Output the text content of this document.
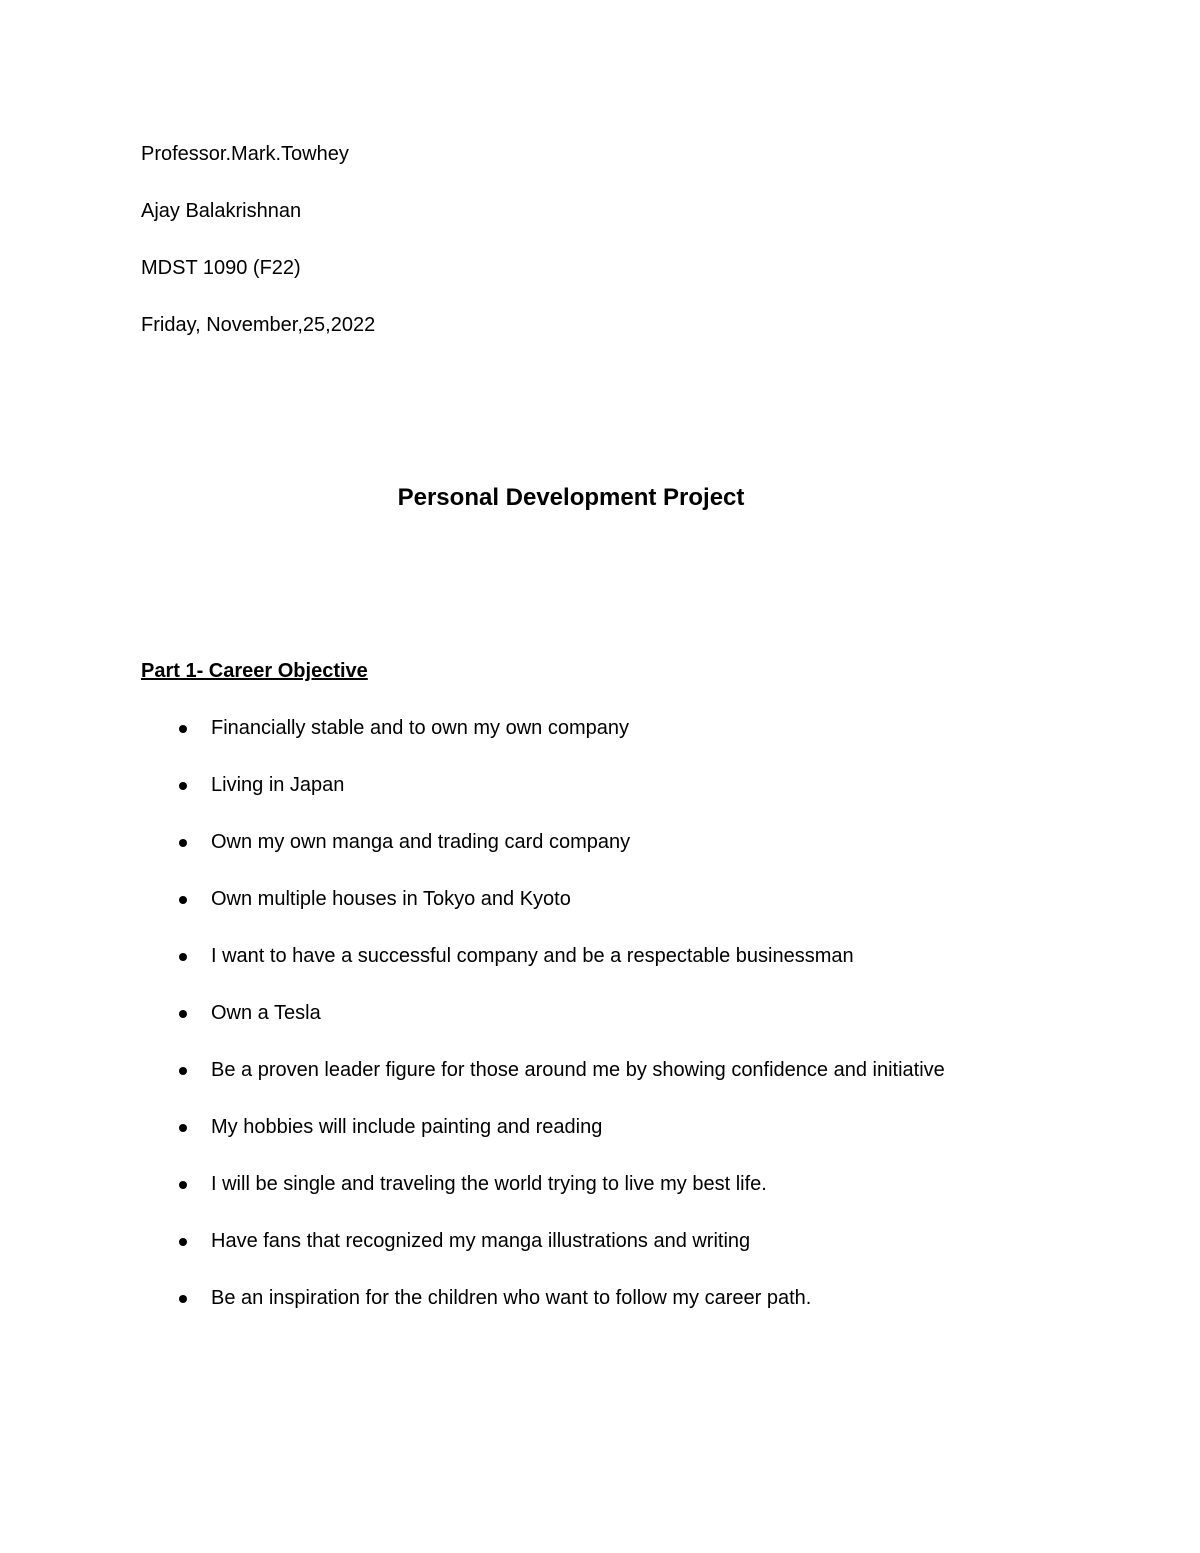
Professor.Mark.Towhey
Ajay Balakrishnan
MDST 1090 (F22)
Friday, November,25,2022
Personal Development Project
Part 1- Career Objective
Financially stable and to own my own company
Living in Japan
Own my own manga and trading card company
Own multiple houses in Tokyo and Kyoto
I want to have a successful company and be a respectable businessman
Own a Tesla
Be a proven leader figure for those around me by showing confidence and initiative
My hobbies will include painting and reading
I will be single and traveling the world trying to live my best life.
Have fans that recognized my manga illustrations and writing
Be an inspiration for the children who want to follow my career path.
